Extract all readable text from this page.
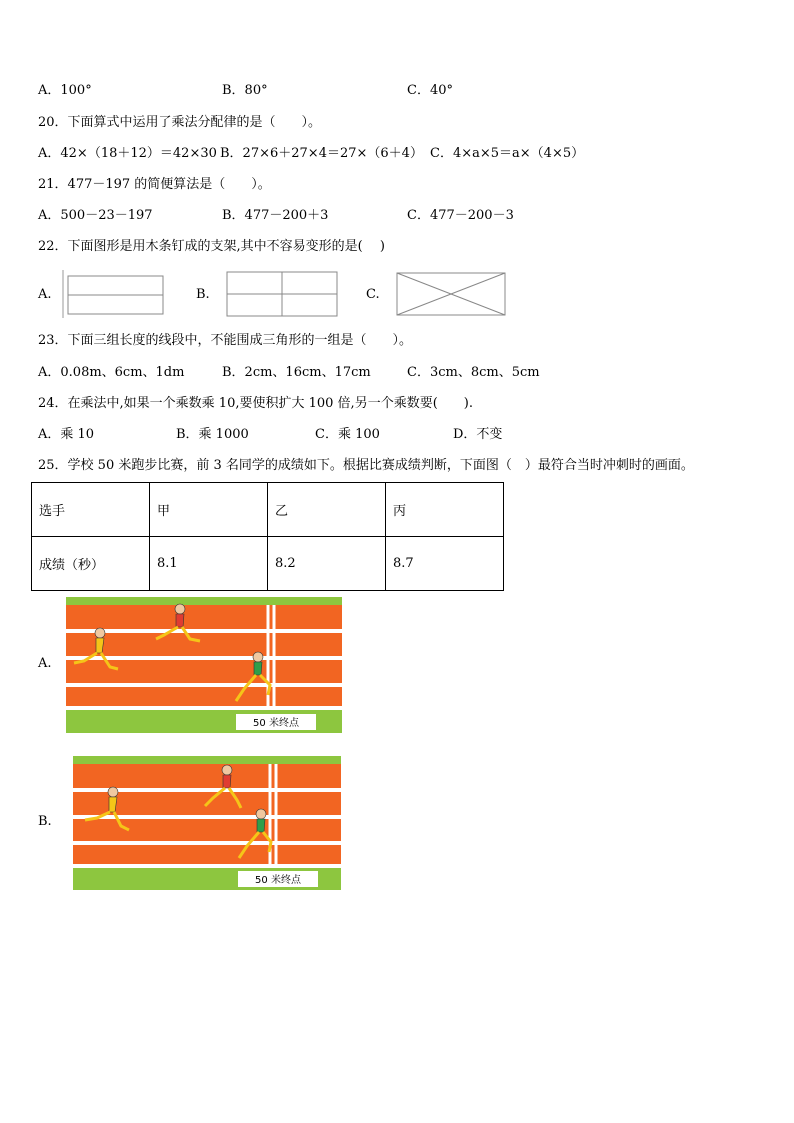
A．100°	B．80°	C．40°
20．下面算式中运用了乘法分配律的是（　　）。
A．42×（18＋12）＝42×30 B．27×6＋27×4＝27×（6＋4） C．4×a×5＝a×（4×5）
21．477－197 的简便算法是（　　）。
A．500－23－197	B．477－200＋3	C．477－200－3
22．下面图形是用木条钉成的支架,其中不容易变形的是(　 )
A.	B.	C.
23．下面三组长度的线段中，不能围成三角形的一组是（　　）。
A．0.08m、6cm、1dm	B．2cm、16cm、17cm	C．3cm、8cm、5cm
24．在乘法中,如果一个乘数乘 10,要使积扩大 100 倍,另一个乘数要(　　).
A．乘 10	B．乘 1000	C．乘 100	D．不变
25．学校 50 米跑步比赛，前 3 名同学的成绩如下。根据比赛成绩判断，下面图（　）最符合当时冲刺时的画面。
选手	甲	乙	丙
成绩（秒）	8.1	8.2	8.7
A.
50 米终点
B.
50 米终点
